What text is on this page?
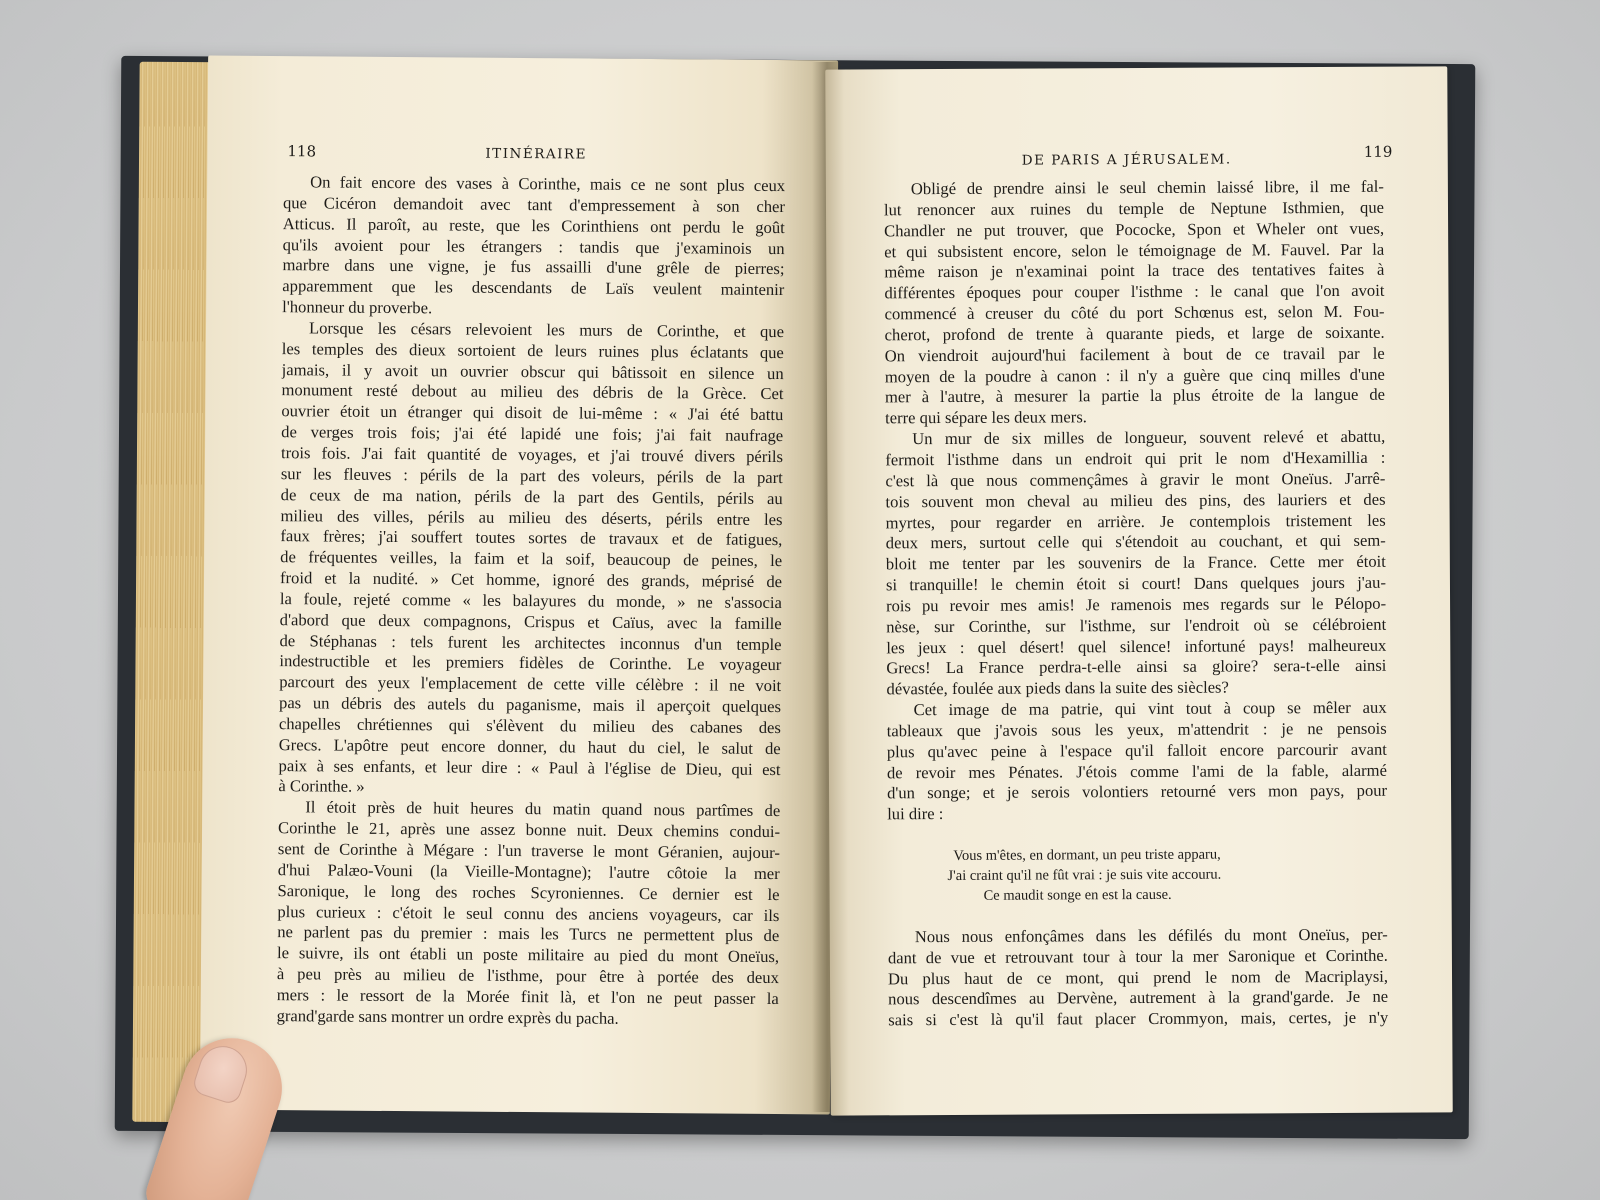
118	ITINÉRAIRE
On fait encore des vases à Corinthe, mais ce ne sont plus ceux
que Cicéron demandoit avec tant d'empressement à son cher
Atticus. Il paroît, au reste, que les Corinthiens ont perdu le goût
qu'ils avoient pour les étrangers : tandis que j'examinois un
marbre dans une vigne, je fus assailli d'une grêle de pierres;
apparemment que les descendants de Laïs veulent maintenir
l'honneur du proverbe.
Lorsque les césars relevoient les murs de Corinthe, et que
les temples des dieux sortoient de leurs ruines plus éclatants que
jamais, il y avoit un ouvrier obscur qui bâtissoit en silence un
monument resté debout au milieu des débris de la Grèce. Cet
ouvrier étoit un étranger qui disoit de lui-même : « J'ai été battu
de verges trois fois; j'ai été lapidé une fois; j'ai fait naufrage
trois fois. J'ai fait quantité de voyages, et j'ai trouvé divers périls
sur les fleuves : périls de la part des voleurs, périls de la part
de ceux de ma nation, périls de la part des Gentils, périls au
milieu des villes, périls au milieu des déserts, périls entre les
faux frères; j'ai souffert toutes sortes de travaux et de fatigues,
de fréquentes veilles, la faim et la soif, beaucoup de peines, le
froid et la nudité. » Cet homme, ignoré des grands, méprisé de
la foule, rejeté comme « les balayures du monde, » ne s'associa
d'abord que deux compagnons, Crispus et Caïus, avec la famille
de Stéphanas : tels furent les architectes inconnus d'un temple
indestructible et les premiers fidèles de Corinthe. Le voyageur
parcourt des yeux l'emplacement de cette ville célèbre : il ne voit
pas un débris des autels du paganisme, mais il aperçoit quelques
chapelles chrétiennes qui s'élèvent du milieu des cabanes des
Grecs. L'apôtre peut encore donner, du haut du ciel, le salut de
paix à ses enfants, et leur dire : « Paul à l'église de Dieu, qui est
à Corinthe. »
Il étoit près de huit heures du matin quand nous partîmes de
Corinthe le 21, après une assez bonne nuit. Deux chemins condui-
sent de Corinthe à Mégare : l'un traverse le mont Géranien, aujour-
d'hui Palæo-Vouni (la Vieille-Montagne); l'autre côtoie la mer
Saronique, le long des roches Scyroniennes. Ce dernier est le
plus curieux : c'étoit le seul connu des anciens voyageurs, car ils
ne parlent pas du premier : mais les Turcs ne permettent plus de
le suivre, ils ont établi un poste militaire au pied du mont Oneïus,
à peu près au milieu de l'isthme, pour être à portée des deux
mers : le ressort de la Morée finit là, et l'on ne peut passer la
grand'garde sans montrer un ordre exprès du pacha.
DE PARIS A JÉRUSALEM.	119
Obligé de prendre ainsi le seul chemin laissé libre, il me fal-
lut renoncer aux ruines du temple de Neptune Isthmien, que
Chandler ne put trouver, que Pococke, Spon et Wheler ont vues,
et qui subsistent encore, selon le témoignage de M. Fauvel. Par la
même raison je n'examinai point la trace des tentatives faites à
différentes époques pour couper l'isthme : le canal que l'on avoit
commencé à creuser du côté du port Schœnus est, selon M. Fou-
cherot, profond de trente à quarante pieds, et large de soixante.
On viendroit aujourd'hui facilement à bout de ce travail par le
moyen de la poudre à canon : il n'y a guère que cinq milles d'une
mer à l'autre, à mesurer la partie la plus étroite de la langue de
terre qui sépare les deux mers.
Un mur de six milles de longueur, souvent relevé et abattu,
fermoit l'isthme dans un endroit qui prit le nom d'Hexamillia :
c'est là que nous commençâmes à gravir le mont Oneïus. J'arrê-
tois souvent mon cheval au milieu des pins, des lauriers et des
myrtes, pour regarder en arrière. Je contemplois tristement les
deux mers, surtout celle qui s'étendoit au couchant, et qui sem-
bloit me tenter par les souvenirs de la France. Cette mer étoit
si tranquille! le chemin étoit si court! Dans quelques jours j'au-
rois pu revoir mes amis! Je ramenois mes regards sur le Pélopo-
nèse, sur Corinthe, sur l'isthme, sur l'endroit où se célébroient
les jeux : quel désert! quel silence! infortuné pays! malheureux
Grecs! La France perdra-t-elle ainsi sa gloire? sera-t-elle ainsi
dévastée, foulée aux pieds dans la suite des siècles?
Cet image de ma patrie, qui vint tout à coup se mêler aux
tableaux que j'avois sous les yeux, m'attendrit : je ne pensois
plus qu'avec peine à l'espace qu'il falloit encore parcourir avant
de revoir mes Pénates. J'étois comme l'ami de la fable, alarmé
d'un songe; et je serois volontiers retourné vers mon pays, pour
lui dire :
Vous m'êtes, en dormant, un peu triste apparu,
J'ai craint qu'il ne fût vrai : je suis vite accouru.
Ce maudit songe en est la cause.
Nous nous enfonçâmes dans les défilés du mont Oneïus, per-
dant de vue et retrouvant tour à tour la mer Saronique et Corinthe.
Du plus haut de ce mont, qui prend le nom de Macriplaysi,
nous descendîmes au Dervène, autrement à la grand'garde. Je ne
sais si c'est là qu'il faut placer Crommyon, mais, certes, je n'y
